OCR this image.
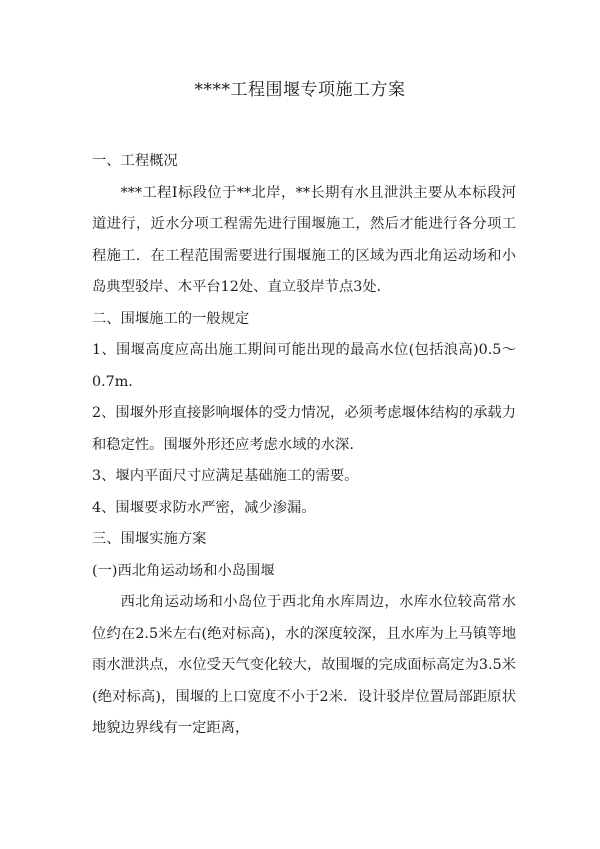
****工程围堰专项施工方案

一、工程概况

***工程Ⅰ标段位于**北岸，**长期有水且泄洪主要从本标段河道进行，近水分项工程需先进行围堰施工，然后才能进行各分项工程施工．在工程范围需要进行围堰施工的区域为西北角运动场和小岛典型驳岸、木平台12处、直立驳岸节点3处．

二、围堰施工的一般规定

1、围堰高度应高出施工期间可能出现的最高水位(包括浪高)0.5～0.7m.

2、围堰外形直接影响堰体的受力情况，必须考虑堰体结构的承载力和稳定性。围堰外形还应考虑水域的水深.

3、堰内平面尺寸应满足基础施工的需要。

4、围堰要求防水严密，减少渗漏。

三、围堰实施方案

(一)西北角运动场和小岛围堰

西北角运动场和小岛位于西北角水库周边，水库水位较高常水位约在2.5米左右(绝对标高)，水的深度较深，且水库为上马镇等地雨水泄洪点，水位受天气变化较大，故围堰的完成面标高定为3.5米(绝对标高)，围堰的上口宽度不小于2米．设计驳岸位置局部距原状地貌边界线有一定距离，
